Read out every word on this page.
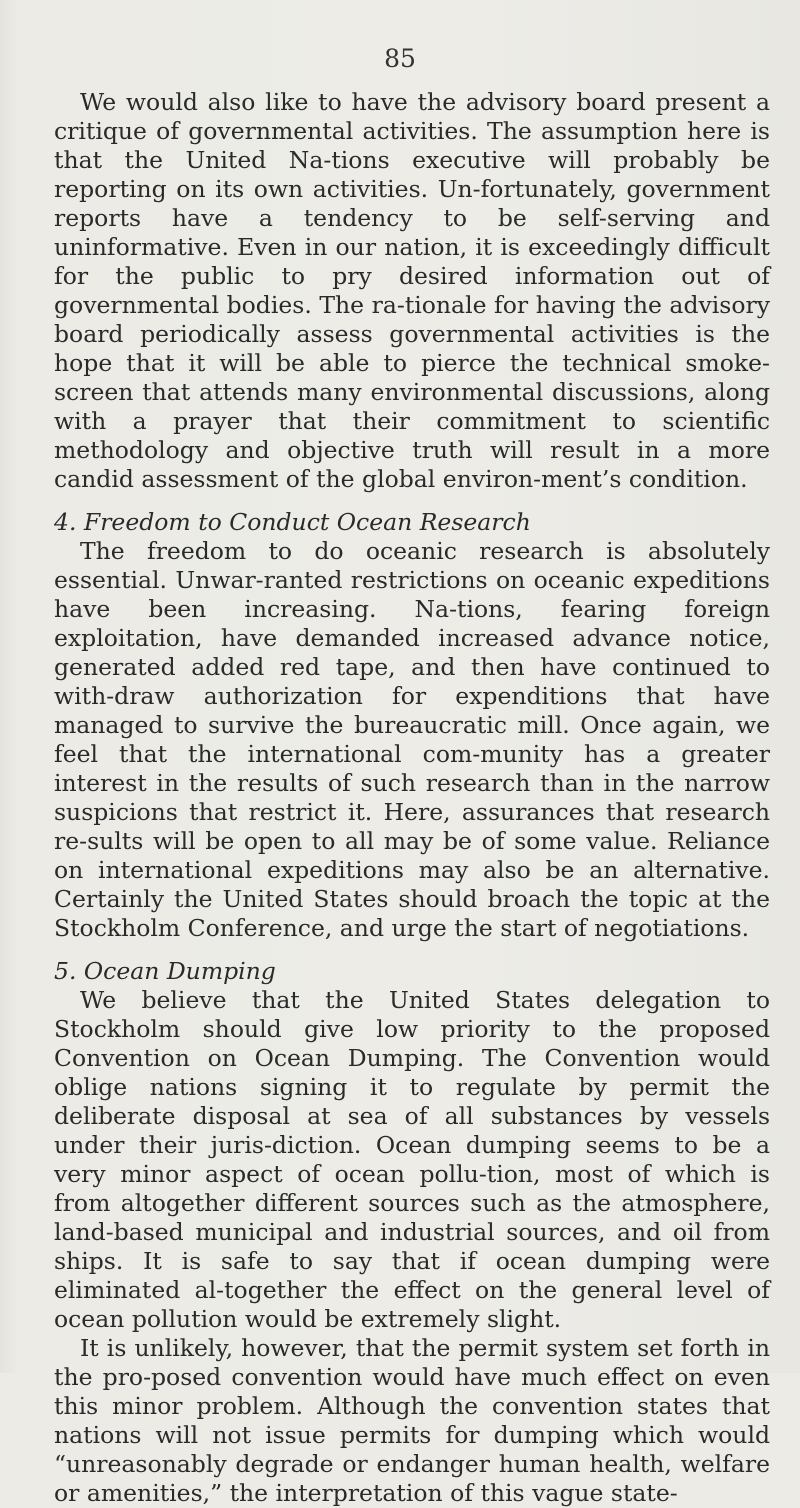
85

We would also like to have the advisory board present a critique of governmental activities. The assumption here is that the United Na-tions executive will probably be reporting on its own activities. Un-fortunately, government reports have a tendency to be self-serving and uninformative. Even in our nation, it is exceedingly difficult for the public to pry desired information out of governmental bodies. The ra-tionale for having the advisory board periodically assess governmental activities is the hope that it will be able to pierce the technical smoke-screen that attends many environmental discussions, along with a prayer that their commitment to scientific methodology and objective truth will result in a more candid assessment of the global environ-ment’s condition.

4. Freedom to Conduct Ocean Research

The freedom to do oceanic research is absolutely essential. Unwar-ranted restrictions on oceanic expeditions have been increasing. Na-tions, fearing foreign exploitation, have demanded increased advance notice, generated added red tape, and then have continued to with-draw authorization for expenditions that have managed to survive the bureaucratic mill. Once again, we feel that the international com-munity has a greater interest in the results of such research than in the narrow suspicions that restrict it. Here, assurances that research re-sults will be open to all may be of some value. Reliance on international expeditions may also be an alternative. Certainly the United States should broach the topic at the Stockholm Conference, and urge the start of negotiations.

5. Ocean Dumping

We believe that the United States delegation to Stockholm should give low priority to the proposed Convention on Ocean Dumping. The Convention would oblige nations signing it to regulate by permit the deliberate disposal at sea of all substances by vessels under their juris-diction. Ocean dumping seems to be a very minor aspect of ocean pollu-tion, most of which is from altogether different sources such as the atmosphere, land-based municipal and industrial sources, and oil from ships. It is safe to say that if ocean dumping were eliminated al-together the effect on the general level of ocean pollution would be extremely slight.

It is unlikely, however, that the permit system set forth in the pro-posed convention would have much effect on even this minor problem. Although the convention states that nations will not issue permits for dumping which would “unreasonably degrade or endanger human health, welfare or amenities,” the interpretation of this vague state-
